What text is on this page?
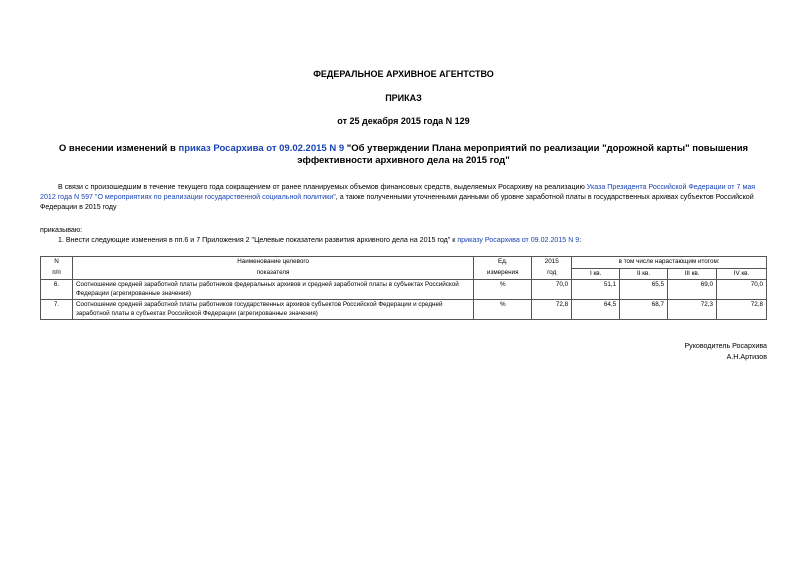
ФЕДЕРАЛЬНОЕ АРХИВНОЕ АГЕНТСТВО
ПРИКАЗ
от 25 декабря 2015 года N 129
О внесении изменений в приказ Росархива от 09.02.2015 N 9 "Об утверждении Плана мероприятий по реализации "дорожной карты" повышения эффективности архивного дела на 2015 год"
В связи с произошедшим в течение текущего года сокращением от ранее планируемых объемов финансовых средств, выделяемых Росархиву на реализацию Указа Президента Российской Федерации от 7 мая 2012 года N 597 "О мероприятиях по реализации государственной социальной политики", а также полученными уточненными данными об уровне заработной платы в государственных архивах субъектов Российской Федерации в 2015 году
приказываю:
1. Внести следующие изменения в пп.6 и 7 Приложения 2 "Целевые показатели развития архивного дела на 2015 год" к приказу Росархива от 09.02.2015 N 9:
N	Наименование целевого	Ед.	2015	в том числе нарастающим итогом:			
п/п	показателя	измерения	год	I кв.	II кв.	III кв.	IV кв.
6.	Соотношение средней заработной платы работников федеральных архивов и средней заработной платы в субъектах Российской Федерации (агрегированные значения)	%	70,0	51,1	65,5	69,0	70,0
7.	Соотношение средней заработной платы работников государственных архивов субъектов Российской Федерации и средней заработной платы в субъектах Российской Федерации (агрегированные значения)	%	72,8	64,5	68,7	72,3	72,8
Руководитель Росархива
А.Н.Артизов
